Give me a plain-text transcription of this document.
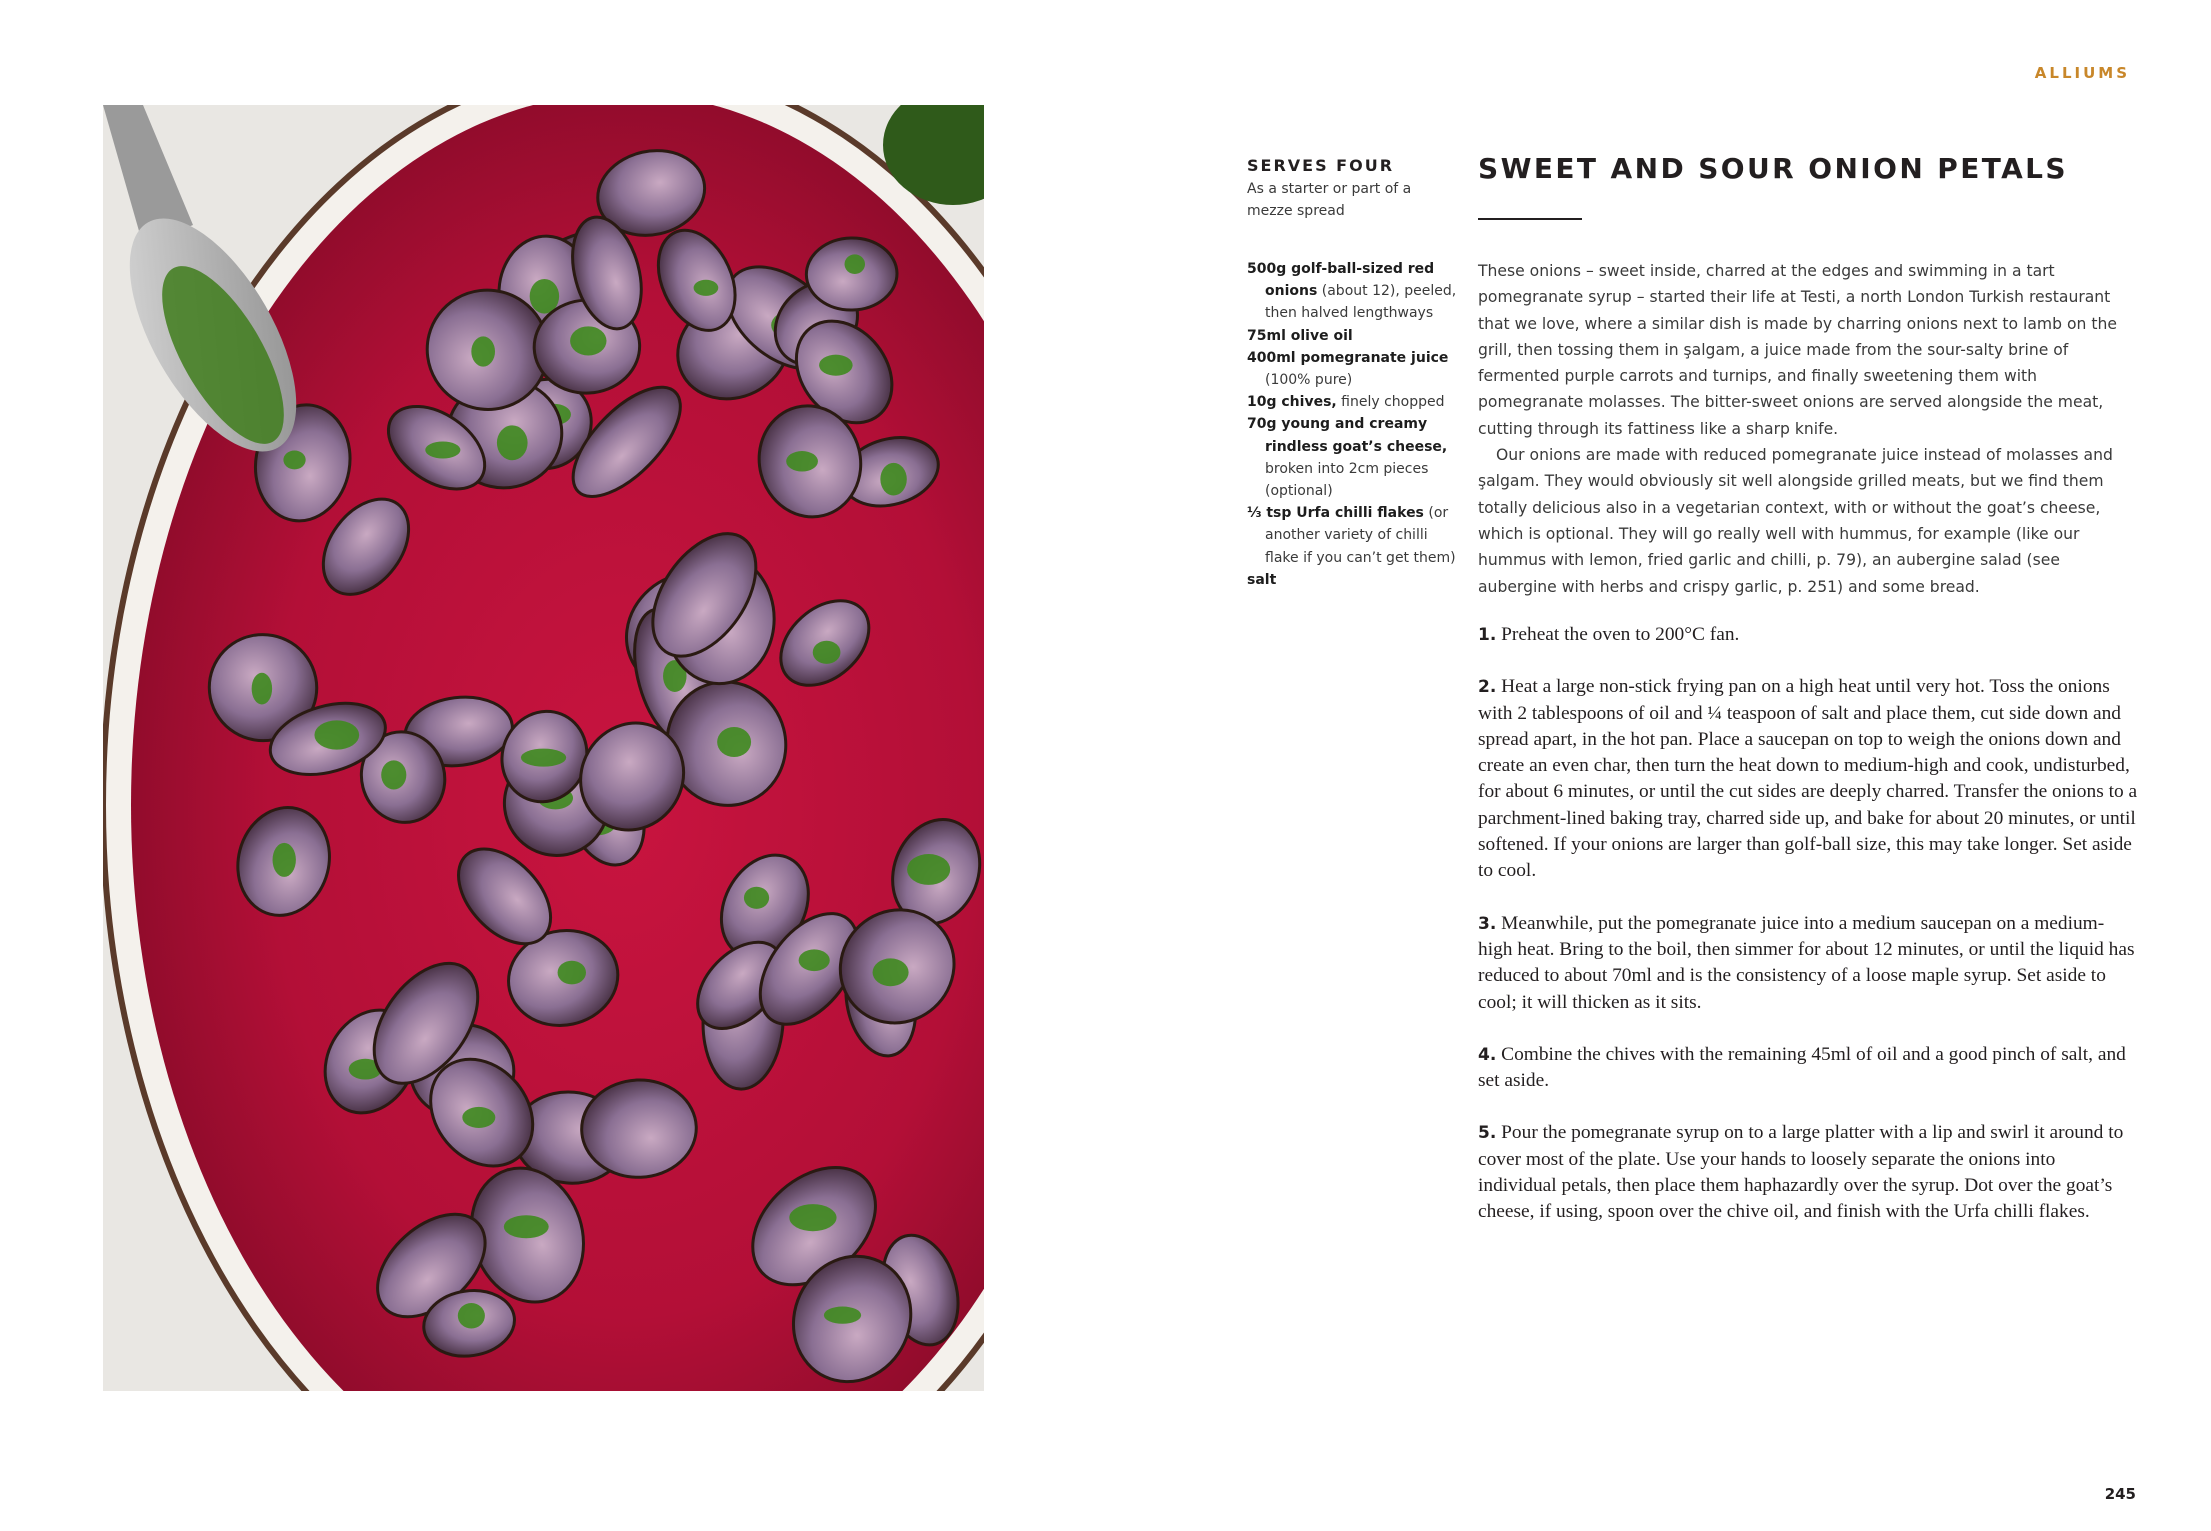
ALLIUMS
SERVES FOUR
As a starter or part of a mezze spread
500g golf-ball-sized red onions (about 12), peeled, then halved lengthways
75ml olive oil
400ml pomegranate juice (100% pure)
10g chives, finely chopped
70g young and creamy rindless goat’s cheese, broken into 2cm pieces (optional)
⅓ tsp Urfa chilli flakes (or another variety of chilli flake if you can’t get them)
salt
SWEET AND SOUR ONION PETALS

These onions – sweet inside, charred at the edges and swimming in a tart pomegranate syrup – started their life at Testi, a north London Turkish restaurant that we love, where a similar dish is made by charring onions next to lamb on the grill, then tossing them in şalgam, a juice made from the sour-salty brine of fermented purple carrots and turnips, and finally sweetening them with pomegranate molasses. The bitter-sweet onions are served alongside the meat, cutting through its fattiness like a sharp knife.

Our onions are made with reduced pomegranate juice instead of molasses and şalgam. They would obviously sit well alongside grilled meats, but we find them totally delicious also in a vegetarian context, with or without the goat’s cheese, which is optional. They will go really well with hummus, for example (like our hummus with lemon, fried garlic and chilli, p. 79), an aubergine salad (see aubergine with herbs and crispy garlic, p. 251) and some bread.

1. Preheat the oven to 200°C fan.
2. Heat a large non-stick frying pan on a high heat until very hot. Toss the onions with 2 tablespoons of oil and ¼ teaspoon of salt and place them, cut side down and spread apart, in the hot pan. Place a saucepan on top to weigh the onions down and create an even char, then turn the heat down to medium-high and cook, undisturbed, for about 6 minutes, or until the cut sides are deeply charred. Transfer the onions to a parchment-lined baking tray, charred side up, and bake for about 20 minutes, or until softened. If your onions are larger than golf-ball size, this may take longer. Set aside to cool.
3. Meanwhile, put the pomegranate juice into a medium saucepan on a medium-high heat. Bring to the boil, then simmer for about 12 minutes, or until the liquid has reduced to about 70ml and is the consistency of a loose maple syrup. Set aside to cool; it will thicken as it sits.
4. Combine the chives with the remaining 45ml of oil and a good pinch of salt, and set aside.
5. Pour the pomegranate syrup on to a large platter with a lip and swirl it around to cover most of the plate. Use your hands to loosely separate the onions into individual petals, then place them haphazardly over the syrup. Dot over the goat’s cheese, if using, spoon over the chive oil, and finish with the Urfa chilli flakes.
245
